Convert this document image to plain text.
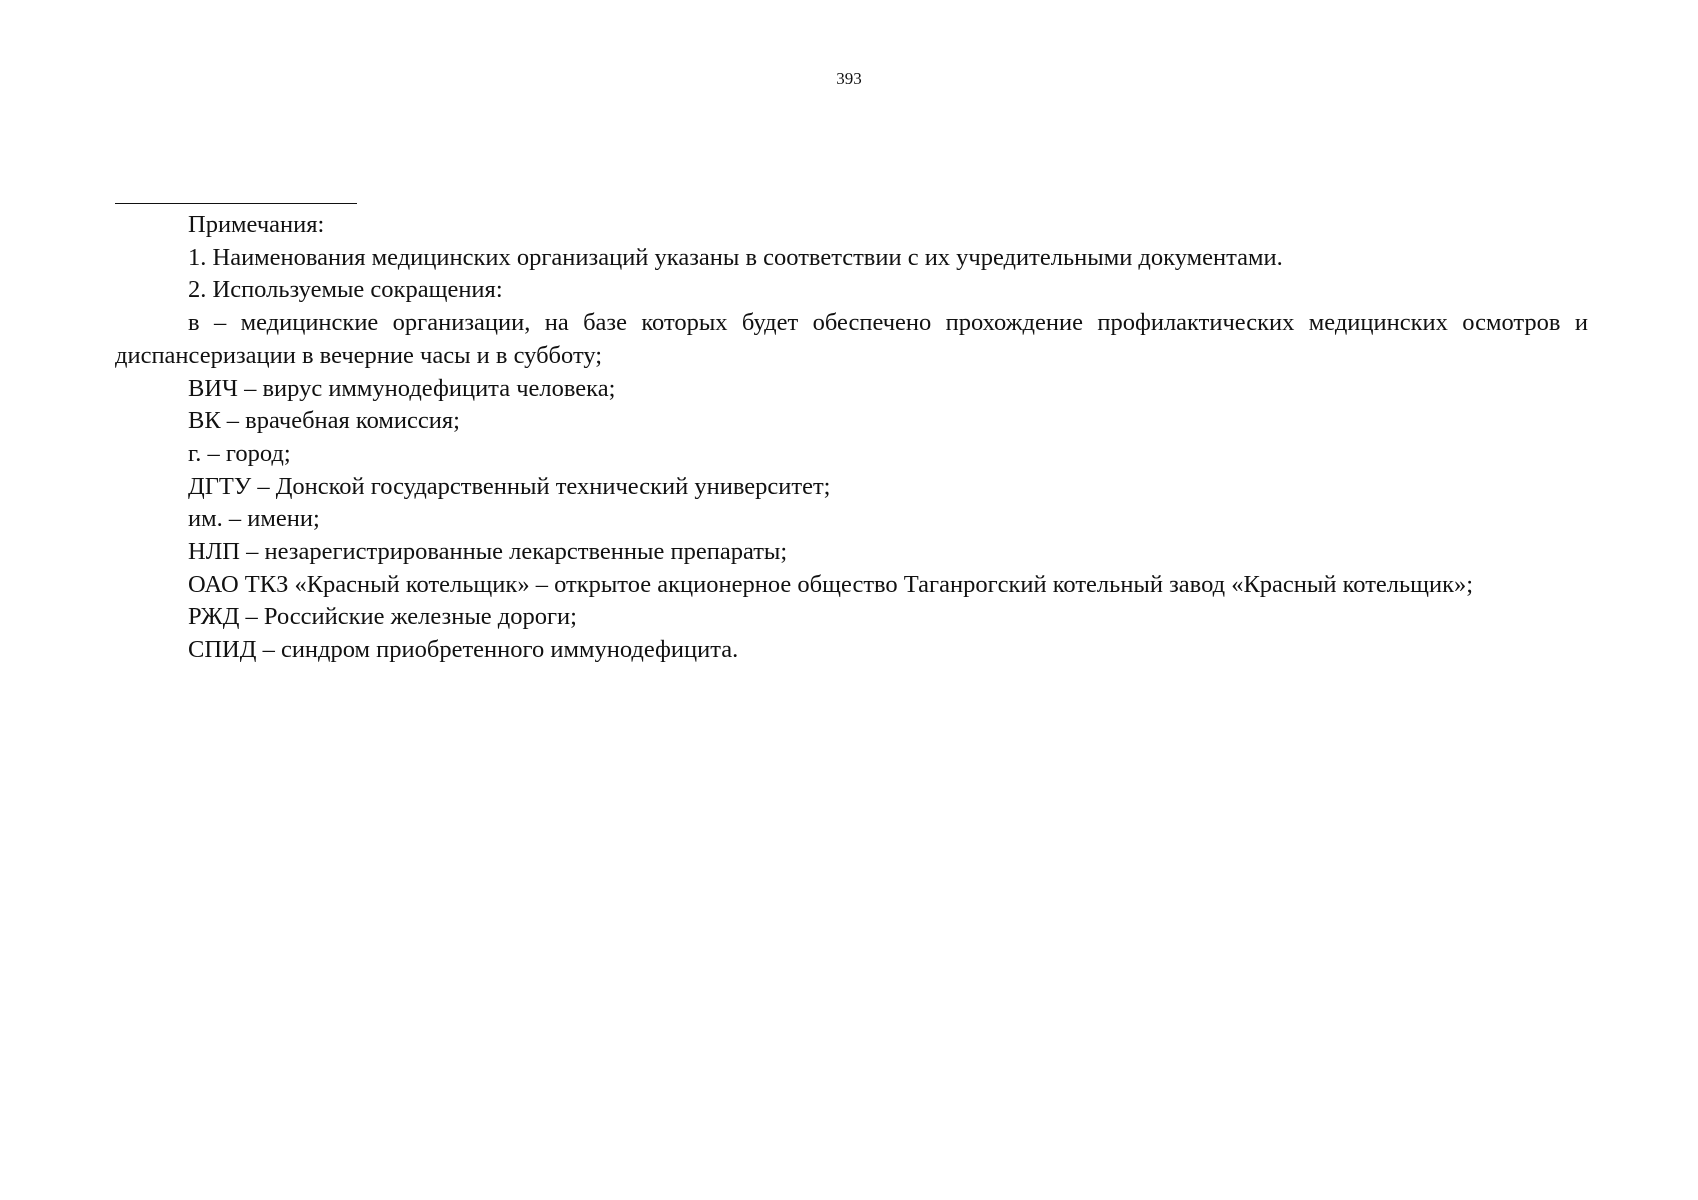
393

Примечания:

1. Наименования медицинских организаций указаны в соответствии с их учредительными документами.

2. Используемые сокращения:

в – медицинские организации, на базе которых будет обеспечено прохождение профилактических медицинских осмотров и диспансеризации в вечерние часы и в субботу;

ВИЧ – вирус иммунодефицита человека;

ВК – врачебная комиссия;

г. – город;

ДГТУ – Донской государственный технический университет;

им. – имени;

НЛП – незарегистрированные лекарственные препараты;

ОАО ТКЗ «Красный котельщик» – открытое акционерное общество Таганрогский котельный завод «Красный котельщик»;

РЖД – Российские железные дороги;

СПИД – синдром приобретенного иммунодефицита.
